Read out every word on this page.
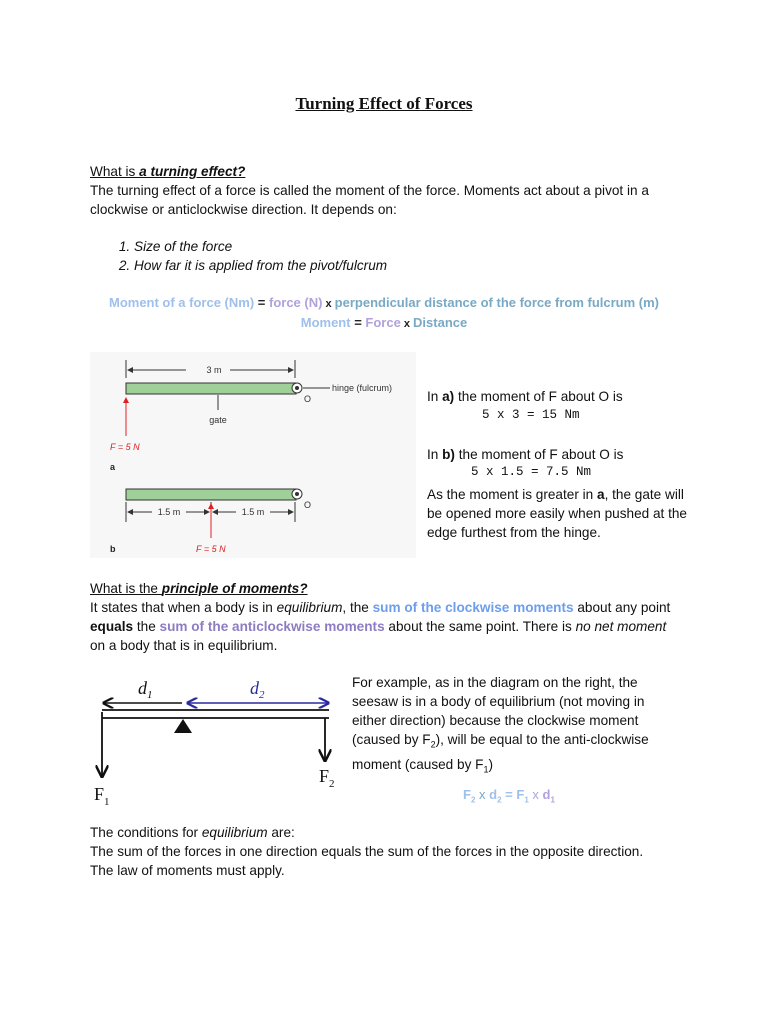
Turning Effect of Forces
What is a turning effect?
The turning effect of a force is called the moment of the force. Moments act about a pivot in a clockwise or anticlockwise direction. It depends on:
1. Size of the force
2. How far it is applied from the pivot/fulcrum
Moment of a force (Nm) = force (N) x perpendicular distance of the force from fulcrum (m)
Moment = Force x Distance
3 m
hinge (fulcrum)
O
gate
F = 5 N
a
O
1.5 m	1.5 m
F = 5 N
b
In a) the moment of F about O is
5 x 3 = 15 Nm
In b) the moment of F about O is
5 x 1.5 = 7.5 Nm
As the moment is greater in a, the gate will be opened more easily when pushed at the edge furthest from the hinge.
What is the principle of moments?
It states that when a body is in equilibrium, the sum of the clockwise moments about any point equals the sum of the anticlockwise moments about the same point. There is no net moment on a body that is in equilibrium.
$d_1$	$d_2$
$F_1$
$F_2$
For example, as in the diagram on the right, the seesaw is in a body of equilibrium (not moving in either direction) because the clockwise moment (caused by $F_2$), will be equal to the anti-clockwise moment (caused by $F_1$)
$F_2$ x $d_2 = F_1$ x $d_1$
The conditions for equilibrium are:
The sum of the forces in one direction equals the sum of the forces in the opposite direction.
The law of moments must apply.
